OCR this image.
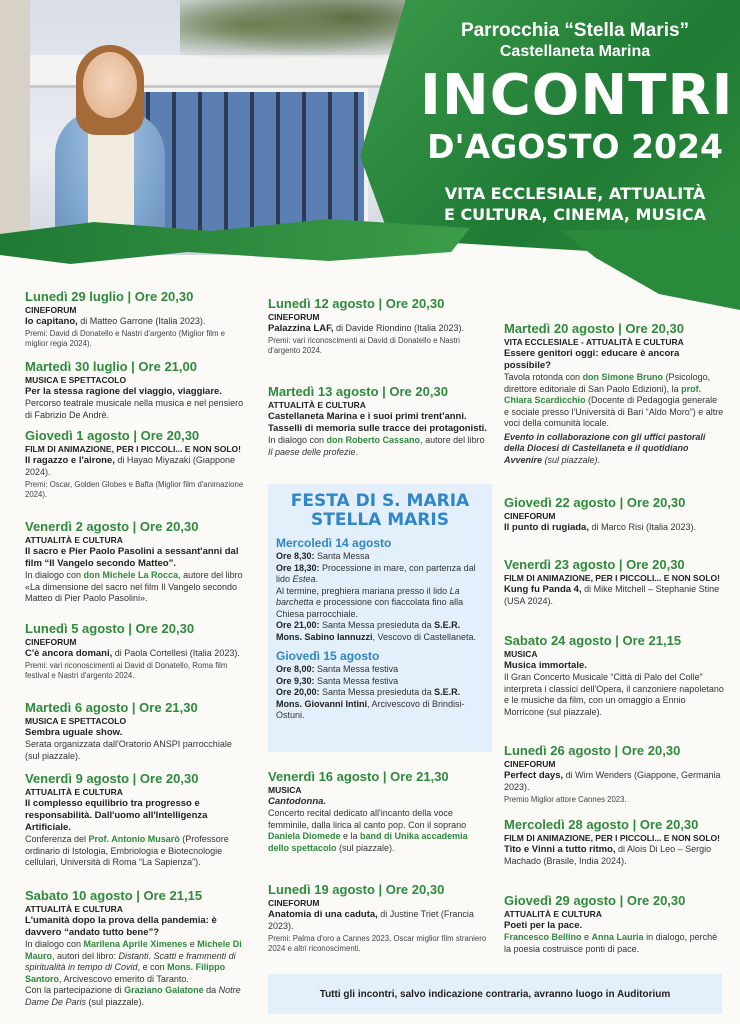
Parrocchia “Stella Maris”
Castellaneta Marina
INCONTRI
D'AGOSTO 2024
VITA ECCLESIALE, ATTUALITÀ
E CULTURA, CINEMA, MUSICA
Lunedì 29 luglio | Ore 20,30
CINEFORUM
Io capitano, di Matteo Garrone (Italia 2023).
Premi: David di Donatello e Nastri d'argento (Miglior film e miglior regia 2024).
Martedì 30 luglio | Ore 21,00
MUSICA E SPETTACOLO
Per la stessa ragione del viaggio, viaggiare.
Percorso teatrale musicale nella musica e nel pensiero di Fabrizio De Andrè.
Giovedì 1 agosto | Ore 20,30
FILM DI ANIMAZIONE, PER I PICCOLI... E NON SOLO!
Il ragazzo e l'airone, di Hayao Miyazaki (Giappone 2024).
Premi: Oscar, Golden Globes e Bafta (Miglior film d'animazione 2024).
Venerdì 2 agosto | Ore 20,30
ATTUALITÀ E CULTURA
Il sacro e Pier Paolo Pasolini a sessant'anni dal film “Il Vangelo secondo Matteo”.
In dialogo con don Michele La Rocca, autore del libro «La dimensione del sacro nel film Il Vangelo secondo Matteo di Pier Paolo Pasolini».
Lunedì 5 agosto | Ore 20,30
CINEFORUM
C'è ancora domani, di Paola Cortellesi (Italia 2023).
Premi: vari riconoscimenti ai David di Donatello, Roma film festival e Nastri d'argento 2024.
Martedì 6 agosto | Ore 21,30
MUSICA E SPETTACOLO
Sembra uguale show.
Serata organizzata dall'Oratorio ANSPI parrocchiale (sul piazzale).
Venerdì 9 agosto | Ore 20,30
ATTUALITÀ E CULTURA
Il complesso equilibrio tra progresso e responsabilità. Dall'uomo all'Intelligenza Artificiale.
Conferenza del Prof. Antonio Musarò (Professore ordinario di Istologia, Embriologia e Biotecnologie cellulari, Università di Roma “La Sapienza”).
Sabato 10 agosto | Ore 21,15
ATTUALITÀ E CULTURA
L'umanità dopo la prova della pandemia: è davvero “andato tutto bene”?
In dialogo con Marilena Aprile Ximenes e Michele Di Mauro, autori del libro: Distanti. Scatti e frammenti di spiritualità in tempo di Covid, e con Mons. Filippo Santoro, Arcivescovo emerito di Taranto.
Con la partecipazione di Graziano Galatone da Notre Dame De Paris (sul piazzale).
Lunedì 12 agosto | Ore 20,30
CINEFORUM
Palazzina LAF, di Davide Riondino (Italia 2023).
Premi: vari riconoscimenti ai David di Donatello e Nastri d'argento 2024.
Martedì 13 agosto | Ore 20,30
ATTUALITÀ E CULTURA
Castellaneta Marina e i suoi primi trent'anni. Tasselli di memoria sulle tracce dei protagonisti.
In dialogo con don Roberto Cassano, autore del libro Il paese delle profezie.
FESTA DI S. MARIA
STELLA MARIS
Mercoledì 14 agosto
Ore 8,30: Santa Messa
Ore 18,30: Processione in mare, con partenza dal lido Estea.
Al termine, preghiera mariana presso il lido La barchetta e processione con fiaccolata fino alla Chiesa parrocchiale.
Ore 21,00: Santa Messa presieduta da S.E.R. Mons. Sabino Iannuzzi, Vescovo di Castellaneta.
Giovedì 15 agosto
Ore 8,00: Santa Messa festiva
Ore 9,30: Santa Messa festiva
Ore 20,00: Santa Messa presieduta da S.E.R. Mons. Giovanni Intini, Arcivescovo di Brindisi-Ostuni.
Venerdì 16 agosto | Ore 21,30
MUSICA
Cantodonna.
Concerto recital dedicato all'incanto della voce femminile, dalla lirica al canto pop. Con il soprano Daniela Diomede e la band di Unika accademia dello spettacolo (sul piazzale).
Lunedì 19 agosto | Ore 20,30
CINEFORUM
Anatomia di una caduta, di Justine Triet (Francia 2023).
Premi: Palma d'oro a Cannes 2023, Oscar miglior film straniero 2024 e altri riconoscimenti.
Martedì 20 agosto | Ore 20,30
VITA ECCLESIALE - ATTUALITÀ E CULTURA
Essere genitori oggi: educare è ancora possibile?
Tavola rotonda con don Simone Bruno (Psicologo, direttore editoriale di San Paolo Edizioni), la prof. Chiara Scardicchio (Docente di Pedagogia generale e sociale presso l'Università di Bari “Aldo Moro”) e altre voci della comunità locale.
Evento in collaborazione con gli uffici pastorali della Diocesi di Castellaneta e il quotidiano Avvenire (sul piazzale).
Giovedì 22 agosto | Ore 20,30
CINEFORUM
Il punto di rugiada, di Marco Risi (Italia 2023).
Venerdì 23 agosto | Ore 20,30
FILM DI ANIMAZIONE, PER I PICCOLI... E NON SOLO!
Kung fu Panda 4, di Mike Mitchell – Stephanie Stine (USA 2024).
Sabato 24 agosto | Ore 21,15
MUSICA
Musica immortale.
Il Gran Concerto Musicale “Città di Palo del Colle” interpreta i classici dell'Opera, il canzoniere napoletano e le musiche da film, con un omaggio a Ennio Morricone (sul piazzale).
Lunedì 26 agosto | Ore 20,30
CINEFORUM
Perfect days, di Wim Wenders (Giappone, Germania 2023).
Premio Miglior attore Cannes 2023.
Mercoledì 28 agosto | Ore 20,30
FILM DI ANIMAZIONE, PER I PICCOLI... E NON SOLO!
Tito e Vinni a tutto ritmo, di Alois Di Leo – Sergio Machado (Brasile, India 2024).
Giovedì 29 agosto | Ore 20,30
ATTUALITÀ E CULTURA
Poeti per la pace.
Francesco Bellino e Anna Lauria in dialogo, perché la poesia costruisce ponti di pace.
Tutti gli incontri, salvo indicazione contraria, avranno luogo in Auditorium
